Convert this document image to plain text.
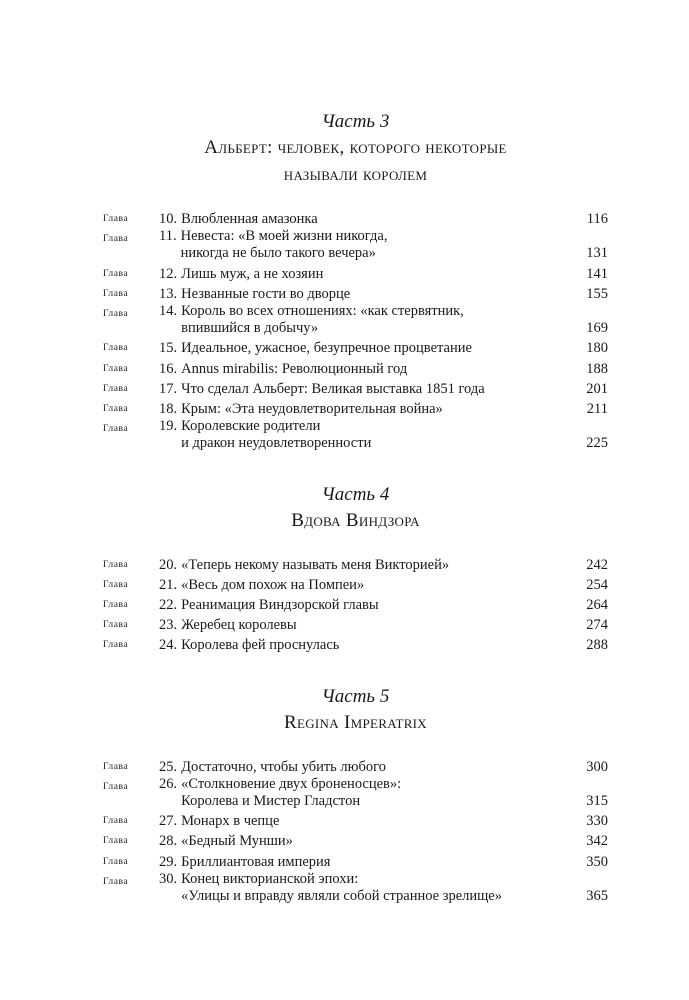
Часть 3
Альберт: человек, которого некоторые
называли королем
Глава	10. Влюбленная амазонка	116
Глава	11. Невеста: «В моей жизни никогда,
никогда не было такого вечера»	131
Глава	12. Лишь муж, а не хозяин	141
Глава	13. Незванные гости во дворце	155
Глава	14. Король во всех отношениях: «как стервятник,
впившийся в добычу»	169
Глава	15. Идеальное, ужасное, безупречное процветание	180
Глава	16. Annus mirabilis: Революционный год	188
Глава	17. Что сделал Альберт: Великая выставка 1851 года	201
Глава	18. Крым: «Эта неудовлетворительная война»	211
Глава	19. Королевские родители
и дракон неудовлетворенности	225
Часть 4
Вдова Виндзора
Глава	20. «Теперь некому называть меня Викторией»	242
Глава	21. «Весь дом похож на Помпеи»	254
Глава	22. Реанимация Виндзорской главы	264
Глава	23. Жеребец королевы	274
Глава	24. Королева фей проснулась	288
Часть 5
Regina Imperatrix
Глава	25. Достаточно, чтобы убить любого	300
Глава	26. «Столкновение двух броненосцев»:
Королева и Мистер Гладстон	315
Глава	27. Монарх в чепце	330
Глава	28. «Бедный Мунши»	342
Глава	29. Бриллиантовая империя	350
Глава	30. Конец викторианской эпохи:
«Улицы и вправду являли собой странное зрелище»	365
